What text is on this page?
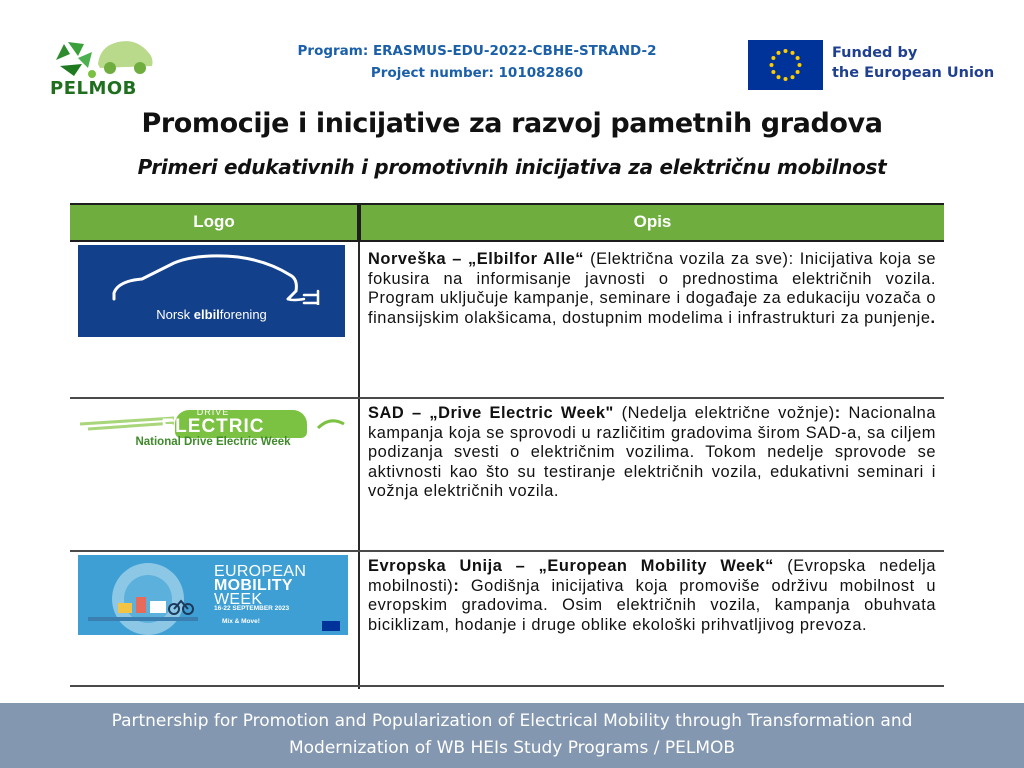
PELMOB
Program: ERASMUS-EDU-2022-CBHE-STRAND-2
Project number: 101082860
Funded by
the European Union
Promocije i inicijative za razvoj pametnih gradova
Primeri edukativnih i promotivnih inicijativa za električnu mobilnost
Logo	Opis
Norsk elbilforening
Norveška – „Elbilfor Alle“ (Električna vozila za sve): Inicijativa koja se fokusira na informisanje javnosti o prednostima električnih vozila. Program uključuje kampanje, seminare i događaje za edukaciju vozača o finansijskim olakšicama, dostupnim modelima i infrastrukturi za punjenje.
DRIVE
ELECTRIC
National Drive Electric Week
SAD – „Drive Electric Week" (Nedelja električne vožnje): Nacionalna kampanja koja se sprovodi u različitim gradovima širom SAD-a, sa ciljem podizanja svesti o električnim vozilima. Tokom nedelje sprovode se aktivnosti kao što su testiranje električnih vozila, edukativni seminari i vožnja električnih vozila.
EUROPEAN
MOBILITY
WEEK
16-22 SEPTEMBER 2023
Mix & Move!
Evropska Unija – „European Mobility Week“ (Evropska nedelja mobilnosti): Godišnja inicijativa koja promoviše održivu mobilnost u evropskim gradovima. Osim električnih vozila, kampanja obuhvata biciklizam, hodanje i druge oblike ekološki prihvatljivog prevoza.
Partnership for Promotion and Popularization of Electrical Mobility through Transformation and
Modernization of WB HEIs Study Programs / PELMOB
